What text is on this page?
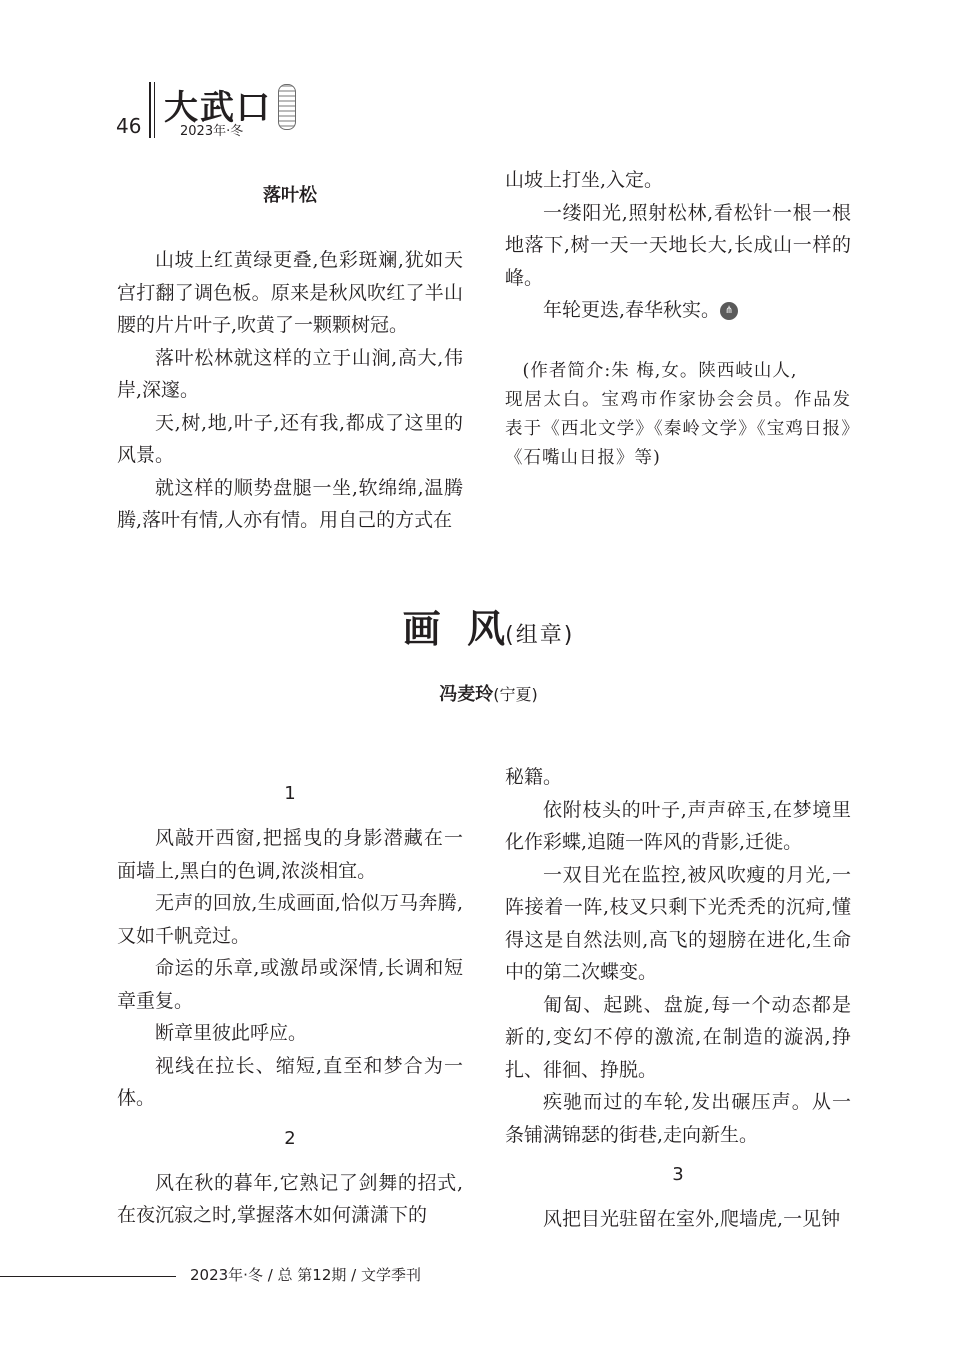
46 大武口
2023年·冬
落叶松

山坡上红黄绿更叠,色彩斑斓,犹如天宫打翻了调色板。原来是秋风吹红了半山腰的片片叶子,吹黄了一颗颗树冠。

落叶松林就这样的立于山涧,高大,伟岸,深邃。

天,树,地,叶子,还有我,都成了这里的风景。

就这样的顺势盘腿一坐,软绵绵,温腾腾,落叶有情,人亦有情。用自己的方式在

山坡上打坐,入定。

一缕阳光,照射松林,看松针一根一根地落下,树一天一天地长大,长成山一样的峰。

年轮更迭,春华秋实。 ⋔

(作者简介:朱 梅,女。陕西岐山人,

现居太白。宝鸡市作家协会会员。作品发表于《西北文学》《秦岭文学》《宝鸡日报》《石嘴山日报》等)

画  风(组章)
冯麦玲(宁夏)
1

风敲开西窗,把摇曳的身影潜藏在一面墙上,黑白的色调,浓淡相宜。

无声的回放,生成画面,恰似万马奔腾,又如千帆竞过。

命运的乐章,或激昂或深情,长调和短章重复。

断章里彼此呼应。

视线在拉长、缩短,直至和梦合为一体。

2

风在秋的暮年,它熟记了剑舞的招式,在夜沉寂之时,掌握落木如何潇潇下的

秘籍。

依附枝头的叶子,声声碎玉,在梦境里化作彩蝶,追随一阵风的背影,迁徙。

一双目光在监控,被风吹瘦的月光,一阵接着一阵,枝叉只剩下光秃秃的沉疴,懂得这是自然法则,高飞的翅膀在进化,生命中的第二次蝶变。

匍匐、起跳、盘旋,每一个动态都是新的,变幻不停的激流,在制造的漩涡,挣扎、徘徊、挣脱。

疾驰而过的车轮,发出碾压声。从一条铺满锦瑟的街巷,走向新生。

3

风把目光驻留在室外,爬墙虎,一见钟

2023年·冬 / 总 第12期 / 文学季刊
